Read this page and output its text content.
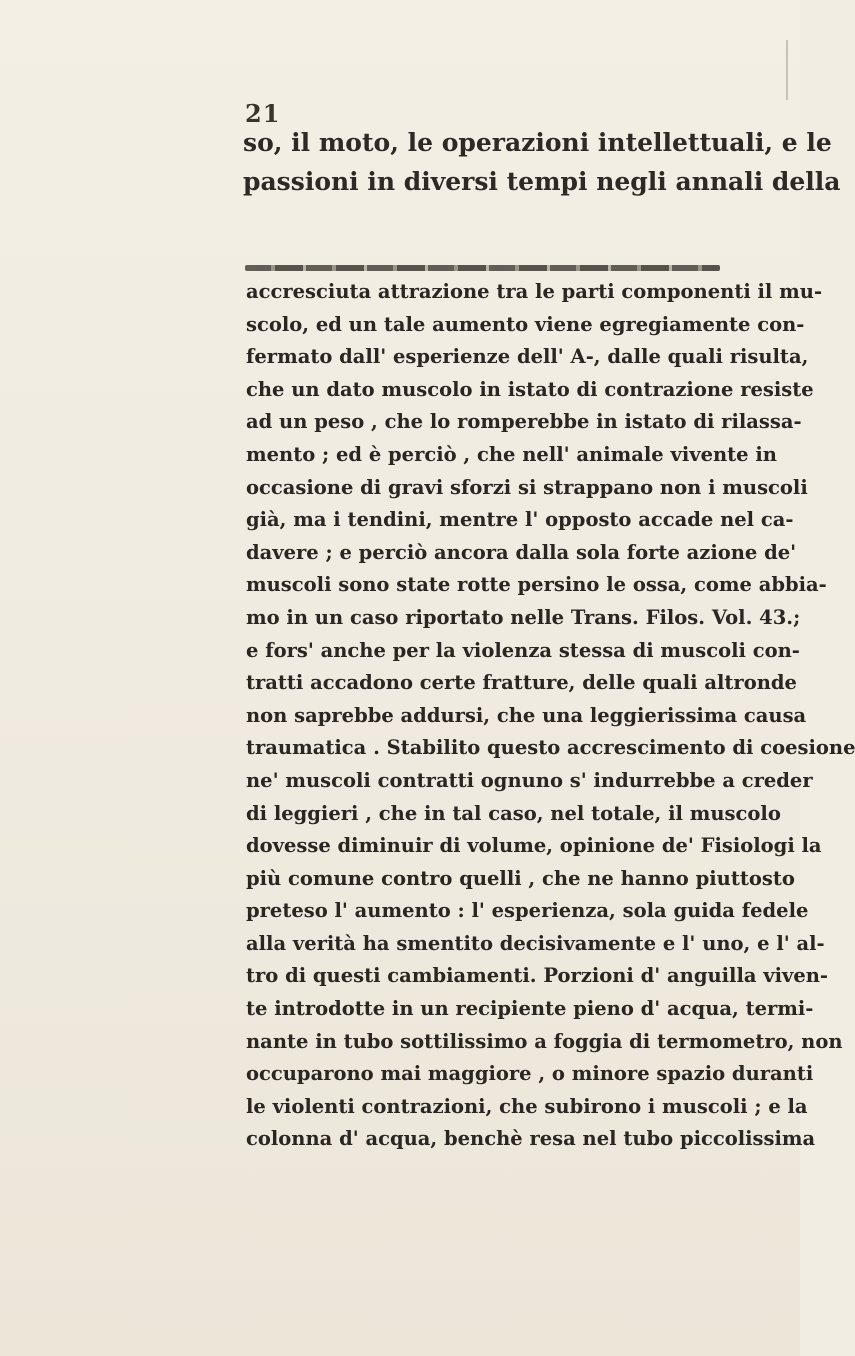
21
so, il moto, le operazioni intellettuali, e le
passioni in diversi tempi negli annali della
accresciuta attrazione tra le parti componenti il mu-
scolo, ed un tale aumento viene egregiamente con-
fermato dall' esperienze dell' A-, dalle quali risulta,
che un dato muscolo in istato di contrazione resiste
ad un peso , che lo romperebbe in istato di rilassa-
mento ; ed è perciò , che nell' animale vivente in
occasione di gravi sforzi si strappano non i muscoli
già, ma i tendini, mentre l' opposto accade nel ca-
davere ; e perciò ancora dalla sola forte azione de'
muscoli sono state rotte persino le ossa, come abbia-
mo in un caso riportato nelle Trans. Filos. Vol. 43.;
e fors' anche per la violenza stessa di muscoli con-
tratti accadono certe fratture, delle quali altronde
non saprebbe addursi, che una leggierissima causa
traumatica . Stabilito questo accrescimento di coesione
ne' muscoli contratti ognuno s' indurrebbe a creder
di leggieri , che in tal caso, nel totale, il muscolo
dovesse diminuir di volume, opinione de' Fisiologi la
più comune contro quelli , che ne hanno piuttosto
preteso l' aumento : l' esperienza, sola guida fedele
alla verità ha smentito decisivamente e l' uno, e l' al-
tro di questi cambiamenti. Porzioni d' anguilla viven-
te introdotte in un recipiente pieno d' acqua, termi-
nante in tubo sottilissimo a foggia di termometro, non
occuparono mai maggiore , o minore spazio duranti
le violenti contrazioni, che subirono i muscoli ; e la
colonna d' acqua, benchè resa nel tubo piccolissima
